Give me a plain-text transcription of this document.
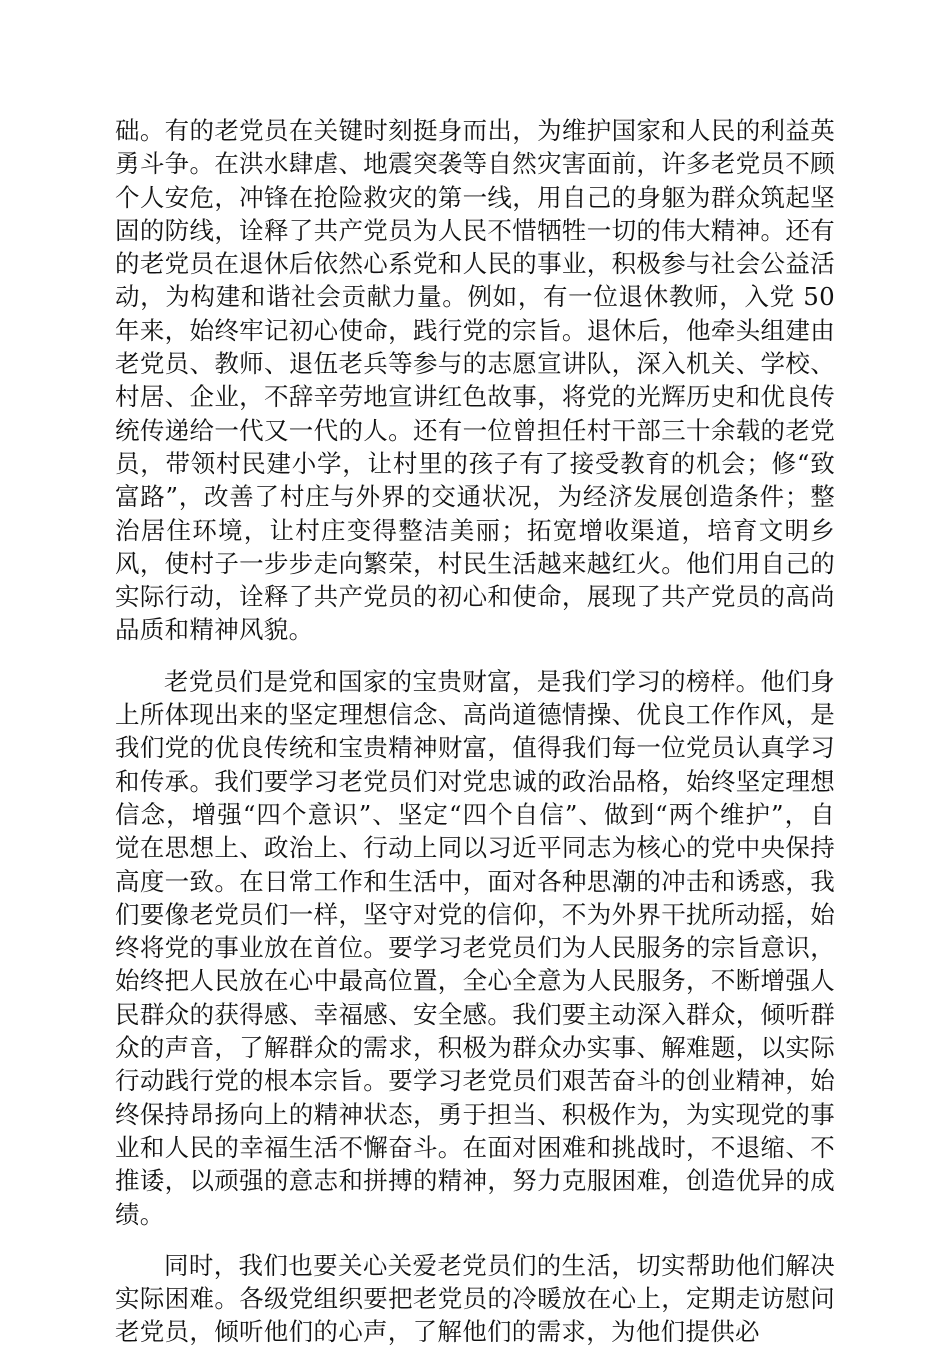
础。有的老党员在关键时刻挺身而出，为维护国家和人民的利益英勇斗争。在洪水肆虐、地震突袭等自然灾害面前，许多老党员不顾个人安危，冲锋在抢险救灾的第一线，用自己的身躯为群众筑起坚固的防线，诠释了共产党员为人民不惜牺牲一切的伟大精神。还有的老党员在退休后依然心系党和人民的事业，积极参与社会公益活动，为构建和谐社会贡献力量。例如，有一位退休教师，入党 50 年来，始终牢记初心使命，践行党的宗旨。退休后，他牵头组建由老党员、教师、退伍老兵等参与的志愿宣讲队，深入机关、学校、村居、企业，不辞辛劳地宣讲红色故事，将党的光辉历史和优良传统传递给一代又一代的人。还有一位曾担任村干部三十余载的老党员，带领村民建小学，让村里的孩子有了接受教育的机会；修“致富路”，改善了村庄与外界的交通状况，为经济发展创造条件；整治居住环境，让村庄变得整洁美丽；拓宽增收渠道，培育文明乡风，使村子一步步走向繁荣，村民生活越来越红火。他们用自己的实际行动，诠释了共产党员的初心和使命，展现了共产党员的高尚品质和精神风貌。

老党员们是党和国家的宝贵财富，是我们学习的榜样。他们身上所体现出来的坚定理想信念、高尚道德情操、优良工作作风，是我们党的优良传统和宝贵精神财富，值得我们每一位党员认真学习和传承。我们要学习老党员们对党忠诚的政治品格，始终坚定理想信念，增强“四个意识”、坚定“四个自信”、做到“两个维护”，自觉在思想上、政治上、行动上同以习近平同志为核心的党中央保持高度一致。在日常工作和生活中，面对各种思潮的冲击和诱惑，我们要像老党员们一样，坚守对党的信仰，不为外界干扰所动摇，始终将党的事业放在首位。要学习老党员们为人民服务的宗旨意识，始终把人民放在心中最高位置，全心全意为人民服务，不断增强人民群众的获得感、幸福感、安全感。我们要主动深入群众，倾听群众的声音，了解群众的需求，积极为群众办实事、解难题，以实际行动践行党的根本宗旨。要学习老党员们艰苦奋斗的创业精神，始终保持昂扬向上的精神状态，勇于担当、积极作为，为实现党的事业和人民的幸福生活不懈奋斗。在面对困难和挑战时，不退缩、不推诿，以顽强的意志和拼搏的精神，努力克服困难，创造优异的成绩。

同时，我们也要关心关爱老党员们的生活，切实帮助他们解决实际困难。各级党组织要把老党员的冷暖放在心上，定期走访慰问老党员，倾听他们的心声，了解他们的需求，为他们提供必
